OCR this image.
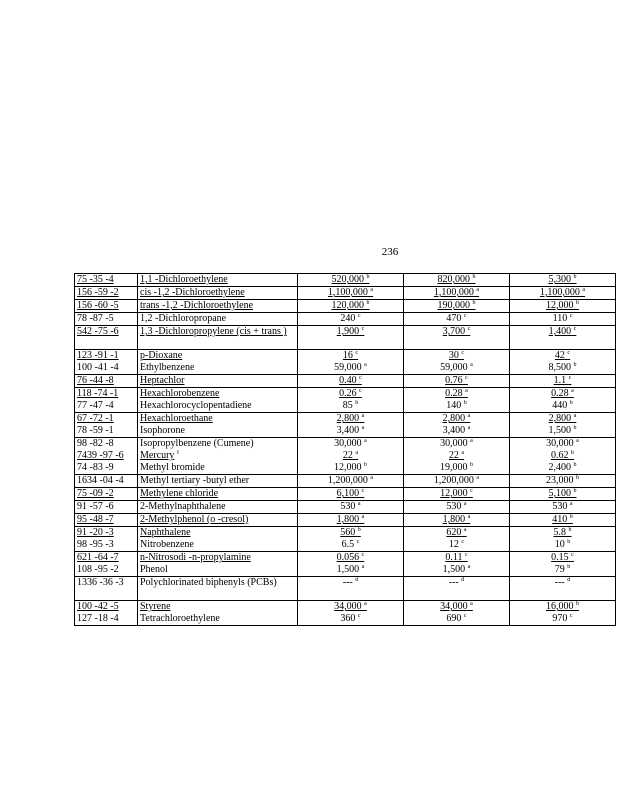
236
75 -35 -4	1,1 -Dichloroethylene	520,000 $^b$	820,000 $^b$	5,300 $^b$
156 -59 -2	cis -1,2 -Dichloroethylene	1,100,000 $^a$	1,100,000 $^a$	1,100,000 $^a$
156 -60 -5	trans -1,2 -Dichloroethylene	120,000 $^b$	190,000 $^b$	12,000 $^b$
78 -87 -5	1,2 -Dichloropropane	240 $^c$	470 $^c$	110 $^c$
542 -75 -6	1,3 -Dichloropropylene (cis + trans )	1,900 $^c$	3,700 $^c$	1,400 $^c$
123 -91 -1	p-Dioxane	16 $^c$	30 $^c$	42 $^c$
100 -41 -4	Ethylbenzene	59,000 $^a$	59,000 $^a$	8,500 $^b$
76 -44 -8	Heptachlor	0.40 $^c$	0.76 $^c$	1.1 $^c$
118 -74 -1	Hexachlorobenzene	0.26 $^c$	0.28 $^a$	0.28 $^a$
77 -47 -4	Hexachlorocyclopentadiene	85 $^b$	140 $^b$	440 $^b$
67 -72 -1	Hexachloroethane	2,800 $^a$	2,800 $^a$	2,800 $^a$
78 -59 -1	Isophorone	3,400 $^a$	3,400 $^a$	1,500 $^b$
98 -82 -8	Isopropylbenzene (Cumene)	30,000 $^a$	30,000 $^a$	30,000 $^a$
7439 -97 -6	Mercury $^f$	22 $^a$	22 $^a$	0.62 $^b$
74 -83 -9	Methyl bromide	12,000 $^b$	19,000 $^b$	2,400 $^b$
1634 -04 -4	Methyl tertiary -butyl ether	1,200,000 $^a$	1,200,000 $^a$	23,000 $^b$
75 -09 -2	Methylene chloride	6,100 $^c$	12,000 $^c$	5,100 $^b$
91 -57 -6	2-Methylnaphthalene	530 $^a$	530 $^a$	530 $^a$
95 -48 -7	2-Methylphenol (o -cresol)	1,800 $^a$	1,800 $^a$	410 $^b$
91 -20 -3	Naphthalene	560 $^b$	620 $^a$	5.8 $^b$
98 -95 -3	Nitrobenzene	6.5 $^c$	12 $^c$	10 $^b$
621 -64 -7	n-Nitrosodi -n-propylamine	0.056 $^c$	0.11 $^c$	0.15 $^c$
108 -95 -2	Phenol	1,500 $^a$	1,500 $^a$	79 $^b$
1336 -36 -3	Polychlorinated biphenyls (PCBs)	--- $^d$	--- $^d$	--- $^d$
100 -42 -5	Styrene	34,000 $^a$	34,000 $^a$	16,000 $^b$
127 -18 -4	Tetrachloroethylene	360 $^c$	690 $^c$	970 $^c$
